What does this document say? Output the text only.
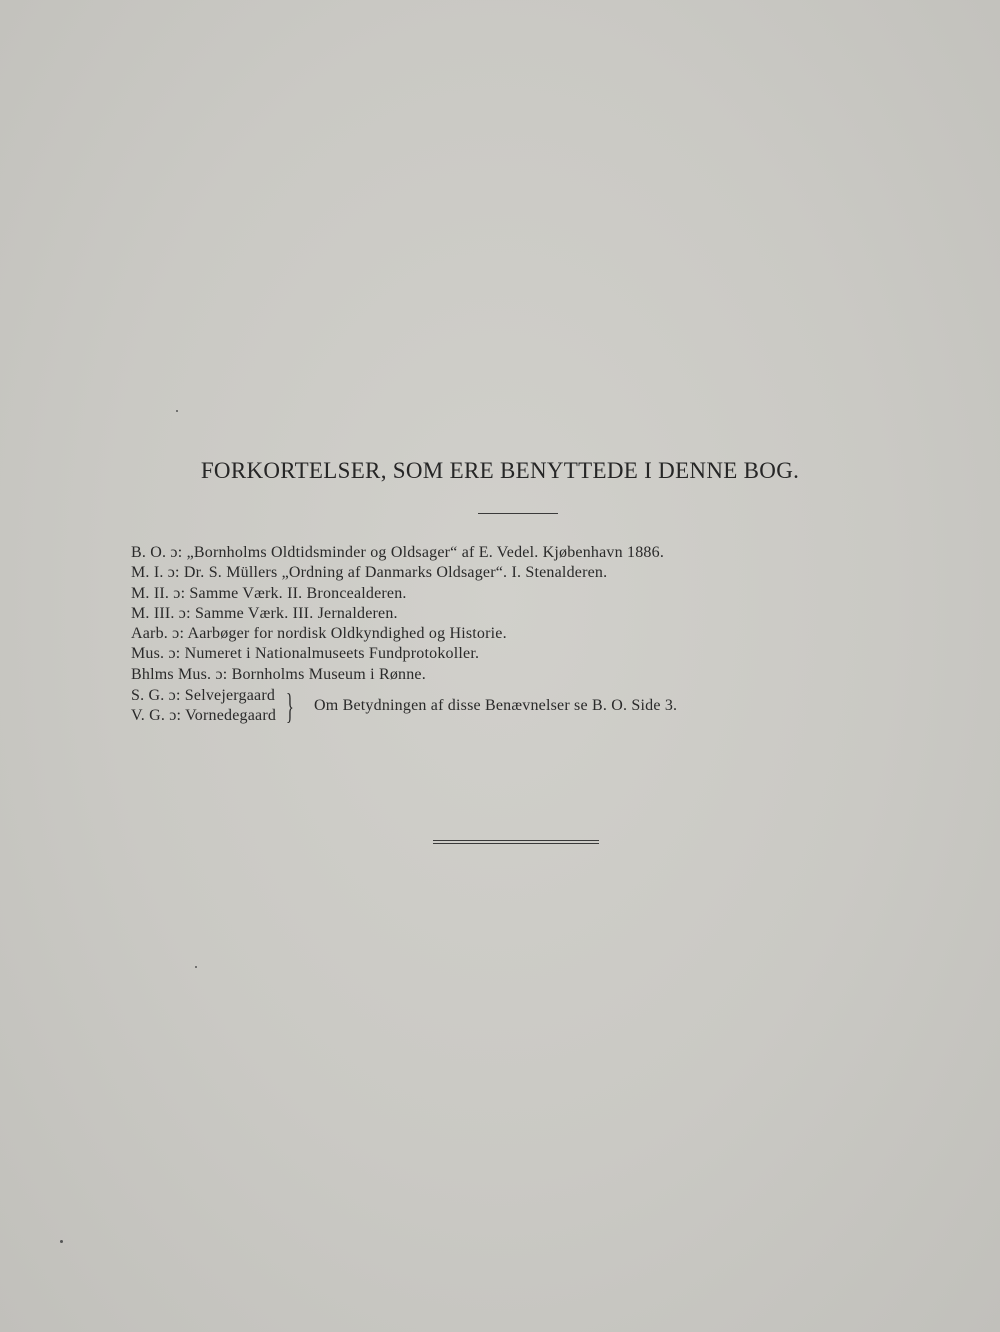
FORKORTELSER, SOM ERE BENYTTEDE I DENNE BOG.
B. O. ɔ: „Bornholms Oldtidsminder og Oldsager“ af E. Vedel. Kjøbenhavn 1886.
M. I. ɔ: Dr. S. Müllers „Ordning af Danmarks Oldsager“. I. Stenalderen.
M. II. ɔ: Samme Værk. II. Broncealderen.
M. III. ɔ: Samme Værk. III. Jernalderen.
Aarb. ɔ: Aarbøger for nordisk Oldkyndighed og Historie.
Mus. ɔ: Numeret i Nationalmuseets Fundprotokoller.
Bhlms Mus. ɔ: Bornholms Museum i Rønne.
S. G. ɔ: Selvejergaard
V. G. ɔ: Vornedegaard } Om Betydningen af disse Benævnelser se B. O. Side 3.
